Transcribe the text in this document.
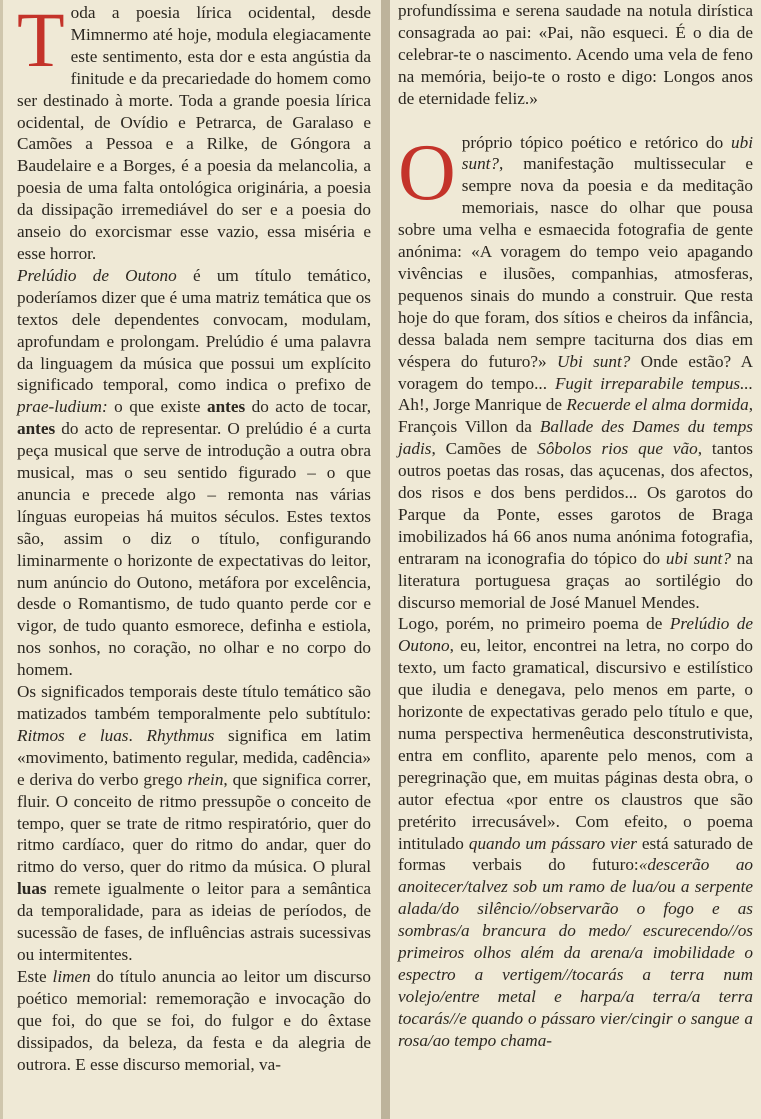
Toda a poesia lírica ocidental, desde Mimnermo até hoje, modula elegiacamente este sentimento, esta dor e esta angústia da finitude e da precariedade do homem como ser destinado à morte. Toda a grande poesia lírica ocidental, de Ovídio e Petrarca, de Garalaso e Camões a Pessoa e a Rilke, de Góngora a Baudelaire e a Borges, é a poesia da melancolia, a poesia de uma falta ontológica originária, a poesia da dissipação irremediável do ser e a poesia do anseio do exorcismar esse vazio, essa miséria e esse horror.

Prelúdio de Outono é um título temático, poderíamos dizer que é uma matriz temática que os textos dele dependentes convocam, modulam, aprofundam e prolongam. Prelúdio é uma palavra da linguagem da música que possui um explícito significado temporal, como indica o prefixo de prae-ludium: o que existe antes do acto de tocar, antes do acto de representar. O prelúdio é a curta peça musical que serve de introdução a outra obra musical, mas o seu sentido figurado – o que anuncia e precede algo – remonta nas várias línguas europeias há muitos séculos. Estes textos são, assim o diz o título, configurando liminarmente o horizonte de expectativas do leitor, num anúncio do Outono, metáfora por excelência, desde o Romantismo, de tudo quanto perde cor e vigor, de tudo quanto esmorece, definha e estiola, nos sonhos, no coração, no olhar e no corpo do homem.

Os significados temporais deste título temático são matizados também temporalmente pelo subtítulo: Ritmos e luas. Rhythmus significa em latim «movimento, batimento regular, medida, cadência» e deriva do verbo grego rhein, que significa correr, fluir. O conceito de ritmo pressupõe o conceito de tempo, quer se trate de ritmo respiratório, quer do ritmo cardíaco, quer do ritmo do andar, quer do ritmo do verso, quer do ritmo da música. O plural luas remete igualmente o leitor para a semântica da temporalidade, para as ideias de períodos, de sucessão de fases, de influências astrais sucessivas ou intermitentes.

Este limen do título anuncia ao leitor um discurso poético memorial: rememoração e invocação do que foi, do que se foi, do fulgor e do êxtase dissipados, da beleza, da festa e da alegria de outrora. E esse discurso memorial, va-

profundíssima e serena saudade na notula dirística consagrada ao pai: «Pai, não esqueci. É o dia de celebrar-te o nascimento. Acendo uma vela de feno na memória, beijo-te o rosto e digo: Longos anos de eternidade feliz.»

O próprio tópico poético e retórico do ubi sunt?, manifestação multissecular e sempre nova da poesia e da meditação memoriais, nasce do olhar que pousa sobre uma velha e esmaecida fotografia de gente anónima: «A voragem do tempo veio apagando vivências e ilusões, companhias, atmosferas, pequenos sinais do mundo a construir. Que resta hoje do que foram, dos sítios e cheiros da infância, dessa balada nem sempre taciturna dos dias em véspera do futuro?» Ubi sunt? Onde estão? A voragem do tempo... Fugit irreparabile tempus... Ah!, Jorge Manrique de Recuerde el alma dormida, François Villon da Ballade des Dames du temps jadis, Camões de Sôbolos rios que vão, tantos outros poetas das rosas, das açucenas, dos afectos, dos risos e dos bens perdidos... Os garotos do Parque da Ponte, esses garotos de Braga imobilizados há 66 anos numa anónima fotografia, entraram na iconografia do tópico do ubi sunt? na literatura portuguesa graças ao sortilégio do discurso memorial de José Manuel Mendes.

Logo, porém, no primeiro poema de Prelúdio de Outono, eu, leitor, encontrei na letra, no corpo do texto, um facto gramatical, discursivo e estilístico que iludia e denegava, pelo menos em parte, o horizonte de expectativas gerado pelo título e que, numa perspectiva hermenêutica desconstrutivista, entra em conflito, aparente pelo menos, com a peregrinação que, em muitas páginas desta obra, o autor efectua «por entre os claustros que são pretérito irrecusável». Com efeito, o poema intitulado quando um pássaro vier está saturado de formas verbais do futuro:«descerão ao anoitecer/talvez sob um ramo de lua/ou a serpente alada/do silêncio//observarão o fogo e as sombras/a brancura do medo/ escurecendo//os primeiros olhos além da arena/a imobilidade o espectro a vertigem//tocarás a terra num volejo/entre metal e harpa/a terra/a terra tocarás//e quando o pássaro vier/cingir o sangue a rosa/ao tempo chama-
